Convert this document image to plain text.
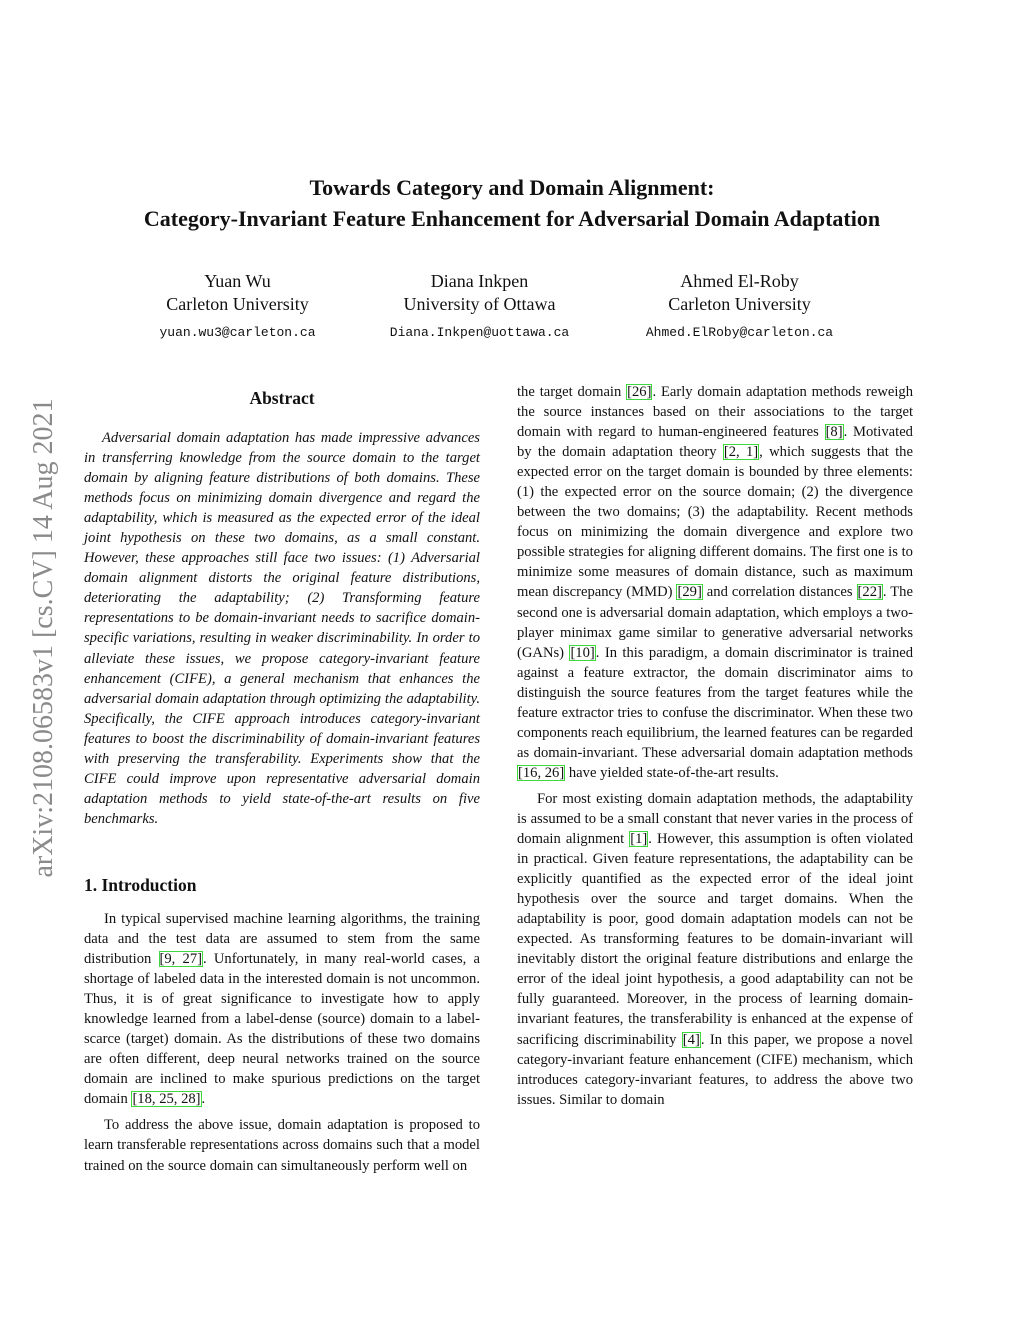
Towards Category and Domain Alignment:
Category-Invariant Feature Enhancement for Adversarial Domain Adaptation
Yuan Wu
Carleton University
yuan.wu3@carleton.ca
Diana Inkpen
University of Ottawa
Diana.Inkpen@uottawa.ca
Ahmed El-Roby
Carleton University
Ahmed.ElRoby@carleton.ca
arXiv:2108.06583v1 [cs.CV] 14 Aug 2021
Abstract

Adversarial domain adaptation has made impressive advances in transferring knowledge from the source domain to the target domain by aligning feature distributions of both domains. These methods focus on minimizing domain divergence and regard the adaptability, which is measured as the expected error of the ideal joint hypothesis on these two domains, as a small constant. However, these approaches still face two issues: (1) Adversarial domain alignment distorts the original feature distributions, deteriorating the adaptability; (2) Transforming feature representations to be domain-invariant needs to sacrifice domain-specific variations, resulting in weaker discriminability. In order to alleviate these issues, we propose category-invariant feature enhancement (CIFE), a general mechanism that enhances the adversarial domain adaptation through optimizing the adaptability. Specifically, the CIFE approach introduces category-invariant features to boost the discriminability of domain-invariant features with preserving the transferability. Experiments show that the CIFE could improve upon representative adversarial domain adaptation methods to yield state-of-the-art results on five benchmarks.

1. Introduction

In typical supervised machine learning algorithms, the training data and the test data are assumed to stem from the same distribution [9, 27]. Unfortunately, in many real-world cases, a shortage of labeled data in the interested domain is not uncommon. Thus, it is of great significance to investigate how to apply knowledge learned from a label-dense (source) domain to a label-scarce (target) domain. As the distributions of these two domains are often different, deep neural networks trained on the source domain are inclined to make spurious predictions on the target domain [18, 25, 28].

To address the above issue, domain adaptation is proposed to learn transferable representations across domains such that a model trained on the source domain can simultaneously perform well on

the target domain [26]. Early domain adaptation methods reweigh the source instances based on their associations to the target domain with regard to human-engineered features [8]. Motivated by the domain adaptation theory [2, 1], which suggests that the expected error on the target domain is bounded by three elements: (1) the expected error on the source domain; (2) the divergence between the two domains; (3) the adaptability. Recent methods focus on minimizing the domain divergence and explore two possible strategies for aligning different domains. The first one is to minimize some measures of domain distance, such as maximum mean discrepancy (MMD) [29] and correlation distances [22]. The second one is adversarial domain adaptation, which employs a two-player minimax game similar to generative adversarial networks (GANs) [10]. In this paradigm, a domain discriminator is trained against a feature extractor, the domain discriminator aims to distinguish the source features from the target features while the feature extractor tries to confuse the discriminator. When these two components reach equilibrium, the learned features can be regarded as domain-invariant. These adversarial domain adaptation methods [16, 26] have yielded state-of-the-art results.

For most existing domain adaptation methods, the adaptability is assumed to be a small constant that never varies in the process of domain alignment [1]. However, this assumption is often violated in practical. Given feature representations, the adaptability can be explicitly quantified as the expected error of the ideal joint hypothesis over the source and target domains. When the adaptability is poor, good domain adaptation models can not be expected. As transforming features to be domain-invariant will inevitably distort the original feature distributions and enlarge the error of the ideal joint hypothesis, a good adaptability can not be fully guaranteed. Moreover, in the process of learning domain-invariant features, the transferability is enhanced at the expense of sacrificing discriminability [4]. In this paper, we propose a novel category-invariant feature enhancement (CIFE) mechanism, which introduces category-invariant features, to address the above two issues. Similar to domain
